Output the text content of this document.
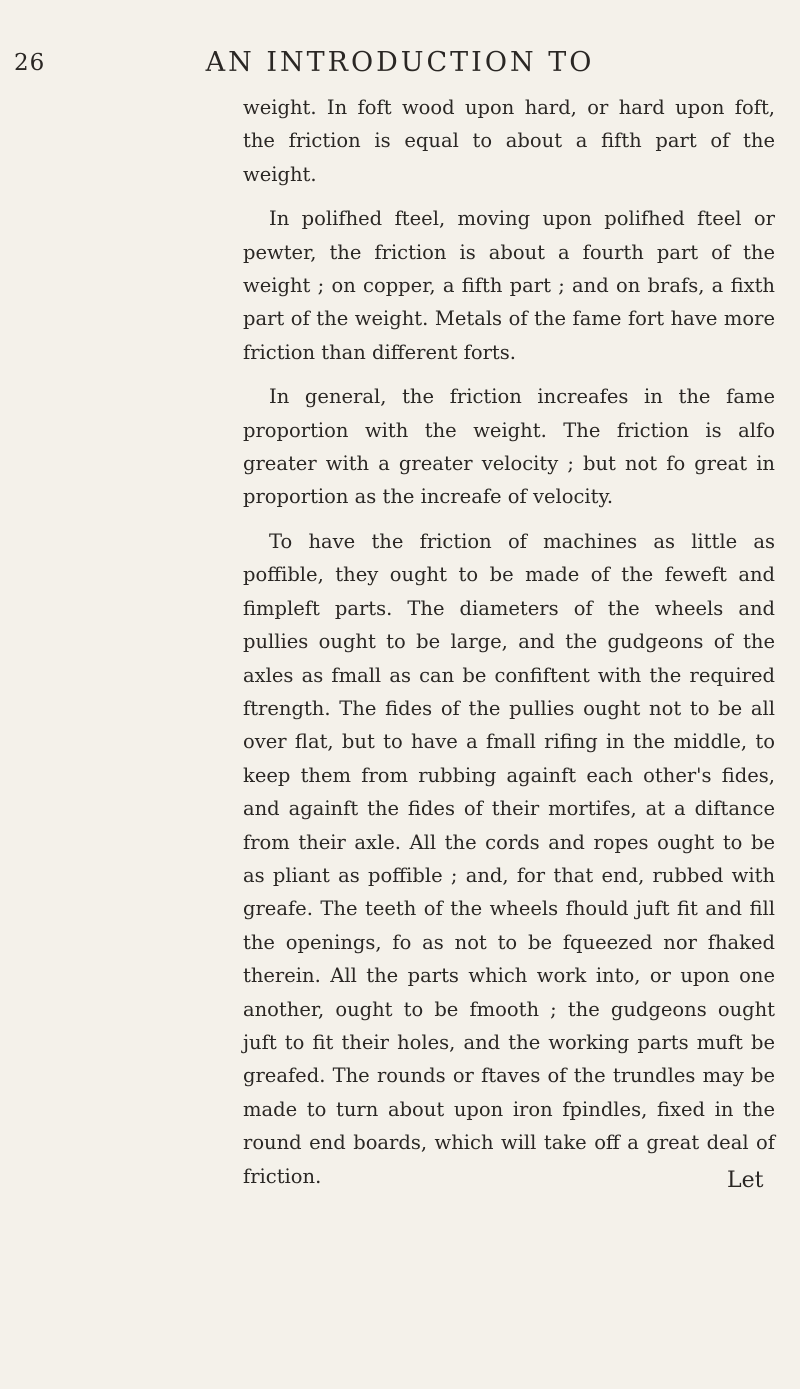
26	AN INTRODUCTION TO

weight. In foft wood upon hard, or hard upon foft, the friction is equal to about a fifth part of the weight.

In polifhed fteel, moving upon polifhed fteel or pewter, the friction is about a fourth part of the weight ; on copper, a fifth part ; and on brafs, a fixth part of the weight. Metals of the fame fort have more friction than different forts.

In general, the friction increafes in the fame proportion with the weight. The friction is alfo greater with a greater velocity ; but not fo great in proportion as the increafe of velocity.

To have the friction of machines as little as poffible, they ought to be made of the feweft and fimpleft parts. The diameters of the wheels and pullies ought to be large, and the gudgeons of the axles as fmall as can be confiftent with the required ftrength. The fides of the pullies ought not to be all over flat, but to have a fmall rifing in the middle, to keep them from rubbing againft each other's fides, and againft the fides of their mortifes, at a diftance from their axle. All the cords and ropes ought to be as pliant as poffible ; and, for that end, rubbed with greafe. The teeth of the wheels fhould juft fit and fill the openings, fo as not to be fqueezed nor fhaked therein. All the parts which work into, or upon one another, ought to be fmooth ; the gudgeons ought juft to fit their holes, and the working parts muft be greafed. The rounds or ftaves of the trundles may be made to turn about upon iron fpindles, fixed in the round end boards, which will take off a great deal of friction.	Let
